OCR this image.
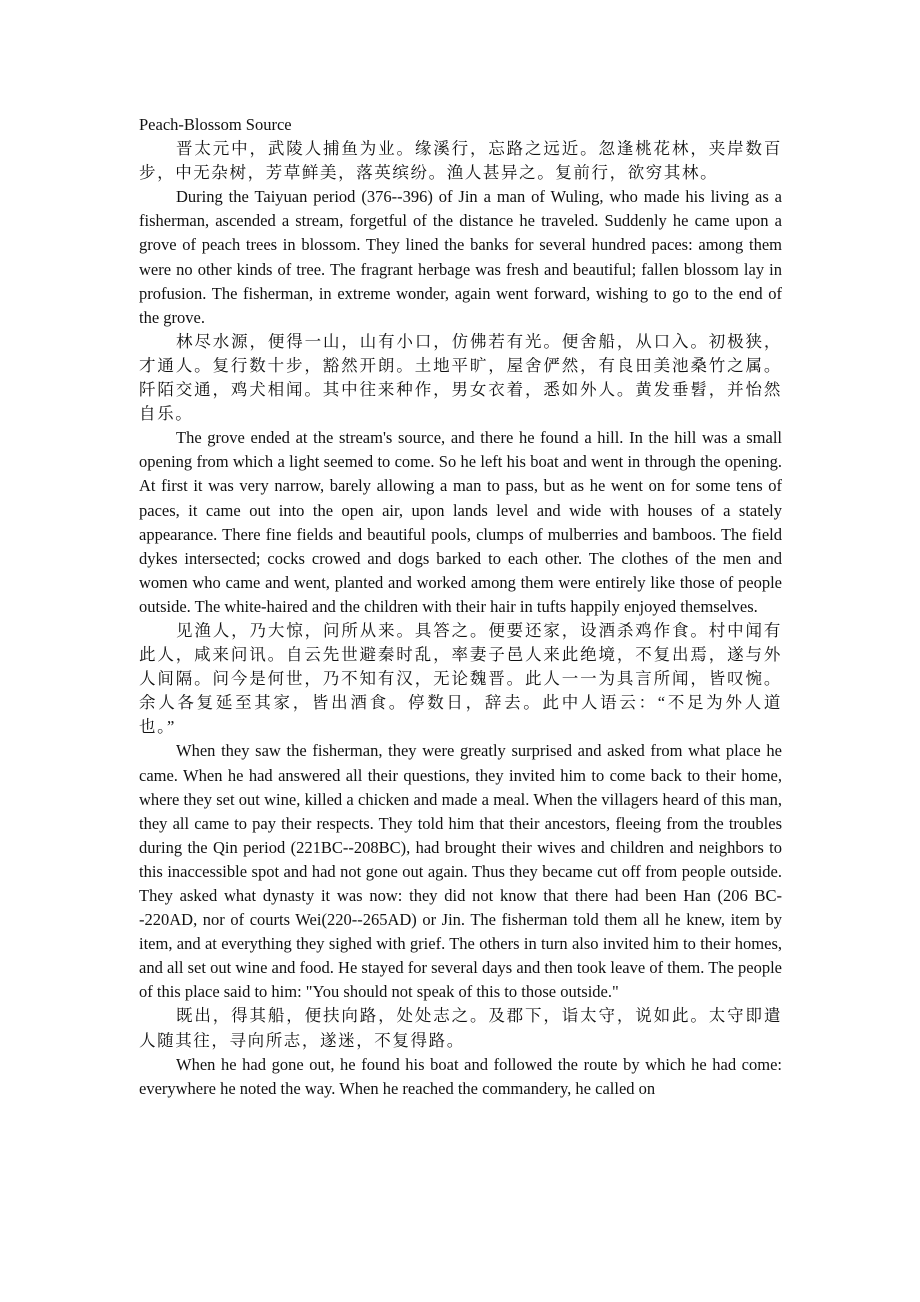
Peach-Blossom Source

晋太元中，武陵人捕鱼为业。缘溪行，忘路之远近。忽逢桃花林，夹岸数百步，中无杂树，芳草鲜美，落英缤纷。渔人甚异之。复前行，欲穷其林。

During the Taiyuan period (376--396) of Jin a man of Wuling, who made his living as a fisherman, ascended a stream, forgetful of the distance he traveled. Suddenly he came upon a grove of peach trees in blossom. They lined the banks for several hundred paces: among them were no other kinds of tree. The fragrant herbage was fresh and beautiful; fallen blossom lay in profusion. The fisherman, in extreme wonder, again went forward, wishing to go to the end of the grove.

林尽水源，便得一山，山有小口，仿佛若有光。便舍船，从口入。初极狭，才通人。复行数十步，豁然开朗。土地平旷，屋舍俨然，有良田美池桑竹之属。阡陌交通，鸡犬相闻。其中往来种作，男女衣着，悉如外人。黄发垂髫，并怡然自乐。

The grove ended at the stream's source, and there he found a hill. In the hill was a small opening from which a light seemed to come. So he left his boat and went in through the opening. At first it was very narrow, barely allowing a man to pass, but as he went on for some tens of paces, it came out into the open air, upon lands level and wide with houses of a stately appearance. There fine fields and beautiful pools, clumps of mulberries and bamboos. The field dykes intersected; cocks crowed and dogs barked to each other. The clothes of the men and women who came and went, planted and worked among them were entirely like those of people outside. The white-haired and the children with their hair in tufts happily enjoyed themselves.

见渔人，乃大惊，问所从来。具答之。便要还家，设酒杀鸡作食。村中闻有此人，咸来问讯。自云先世避秦时乱，率妻子邑人来此绝境，不复出焉，遂与外人间隔。问今是何世，乃不知有汉，无论魏晋。此人一一为具言所闻，皆叹惋。余人各复延至其家，皆出酒食。停数日，辞去。此中人语云：“不足为外人道也。”

When they saw the fisherman, they were greatly surprised and asked from what place he came. When he had answered all their questions, they invited him to come back to their home, where they set out wine, killed a chicken and made a meal. When the villagers heard of this man, they all came to pay their respects. They told him that their ancestors, fleeing from the troubles during the Qin period (221BC--208BC), had brought their wives and children and neighbors to this inaccessible spot and had not gone out again. Thus they became cut off from people outside. They asked what dynasty it was now: they did not know that there had been Han (206 BC--220AD, nor of courts Wei(220--265AD) or Jin. The fisherman told them all he knew, item by item, and at everything they sighed with grief. The others in turn also invited him to their homes, and all set out wine and food. He stayed for several days and then took leave of them. The people of this place said to him: "You should not speak of this to those outside."

既出，得其船，便扶向路，处处志之。及郡下，诣太守，说如此。太守即遣人随其往，寻向所志，遂迷，不复得路。

When he had gone out, he found his boat and followed the route by which he had come: everywhere he noted the way. When he reached the commandery, he called on
